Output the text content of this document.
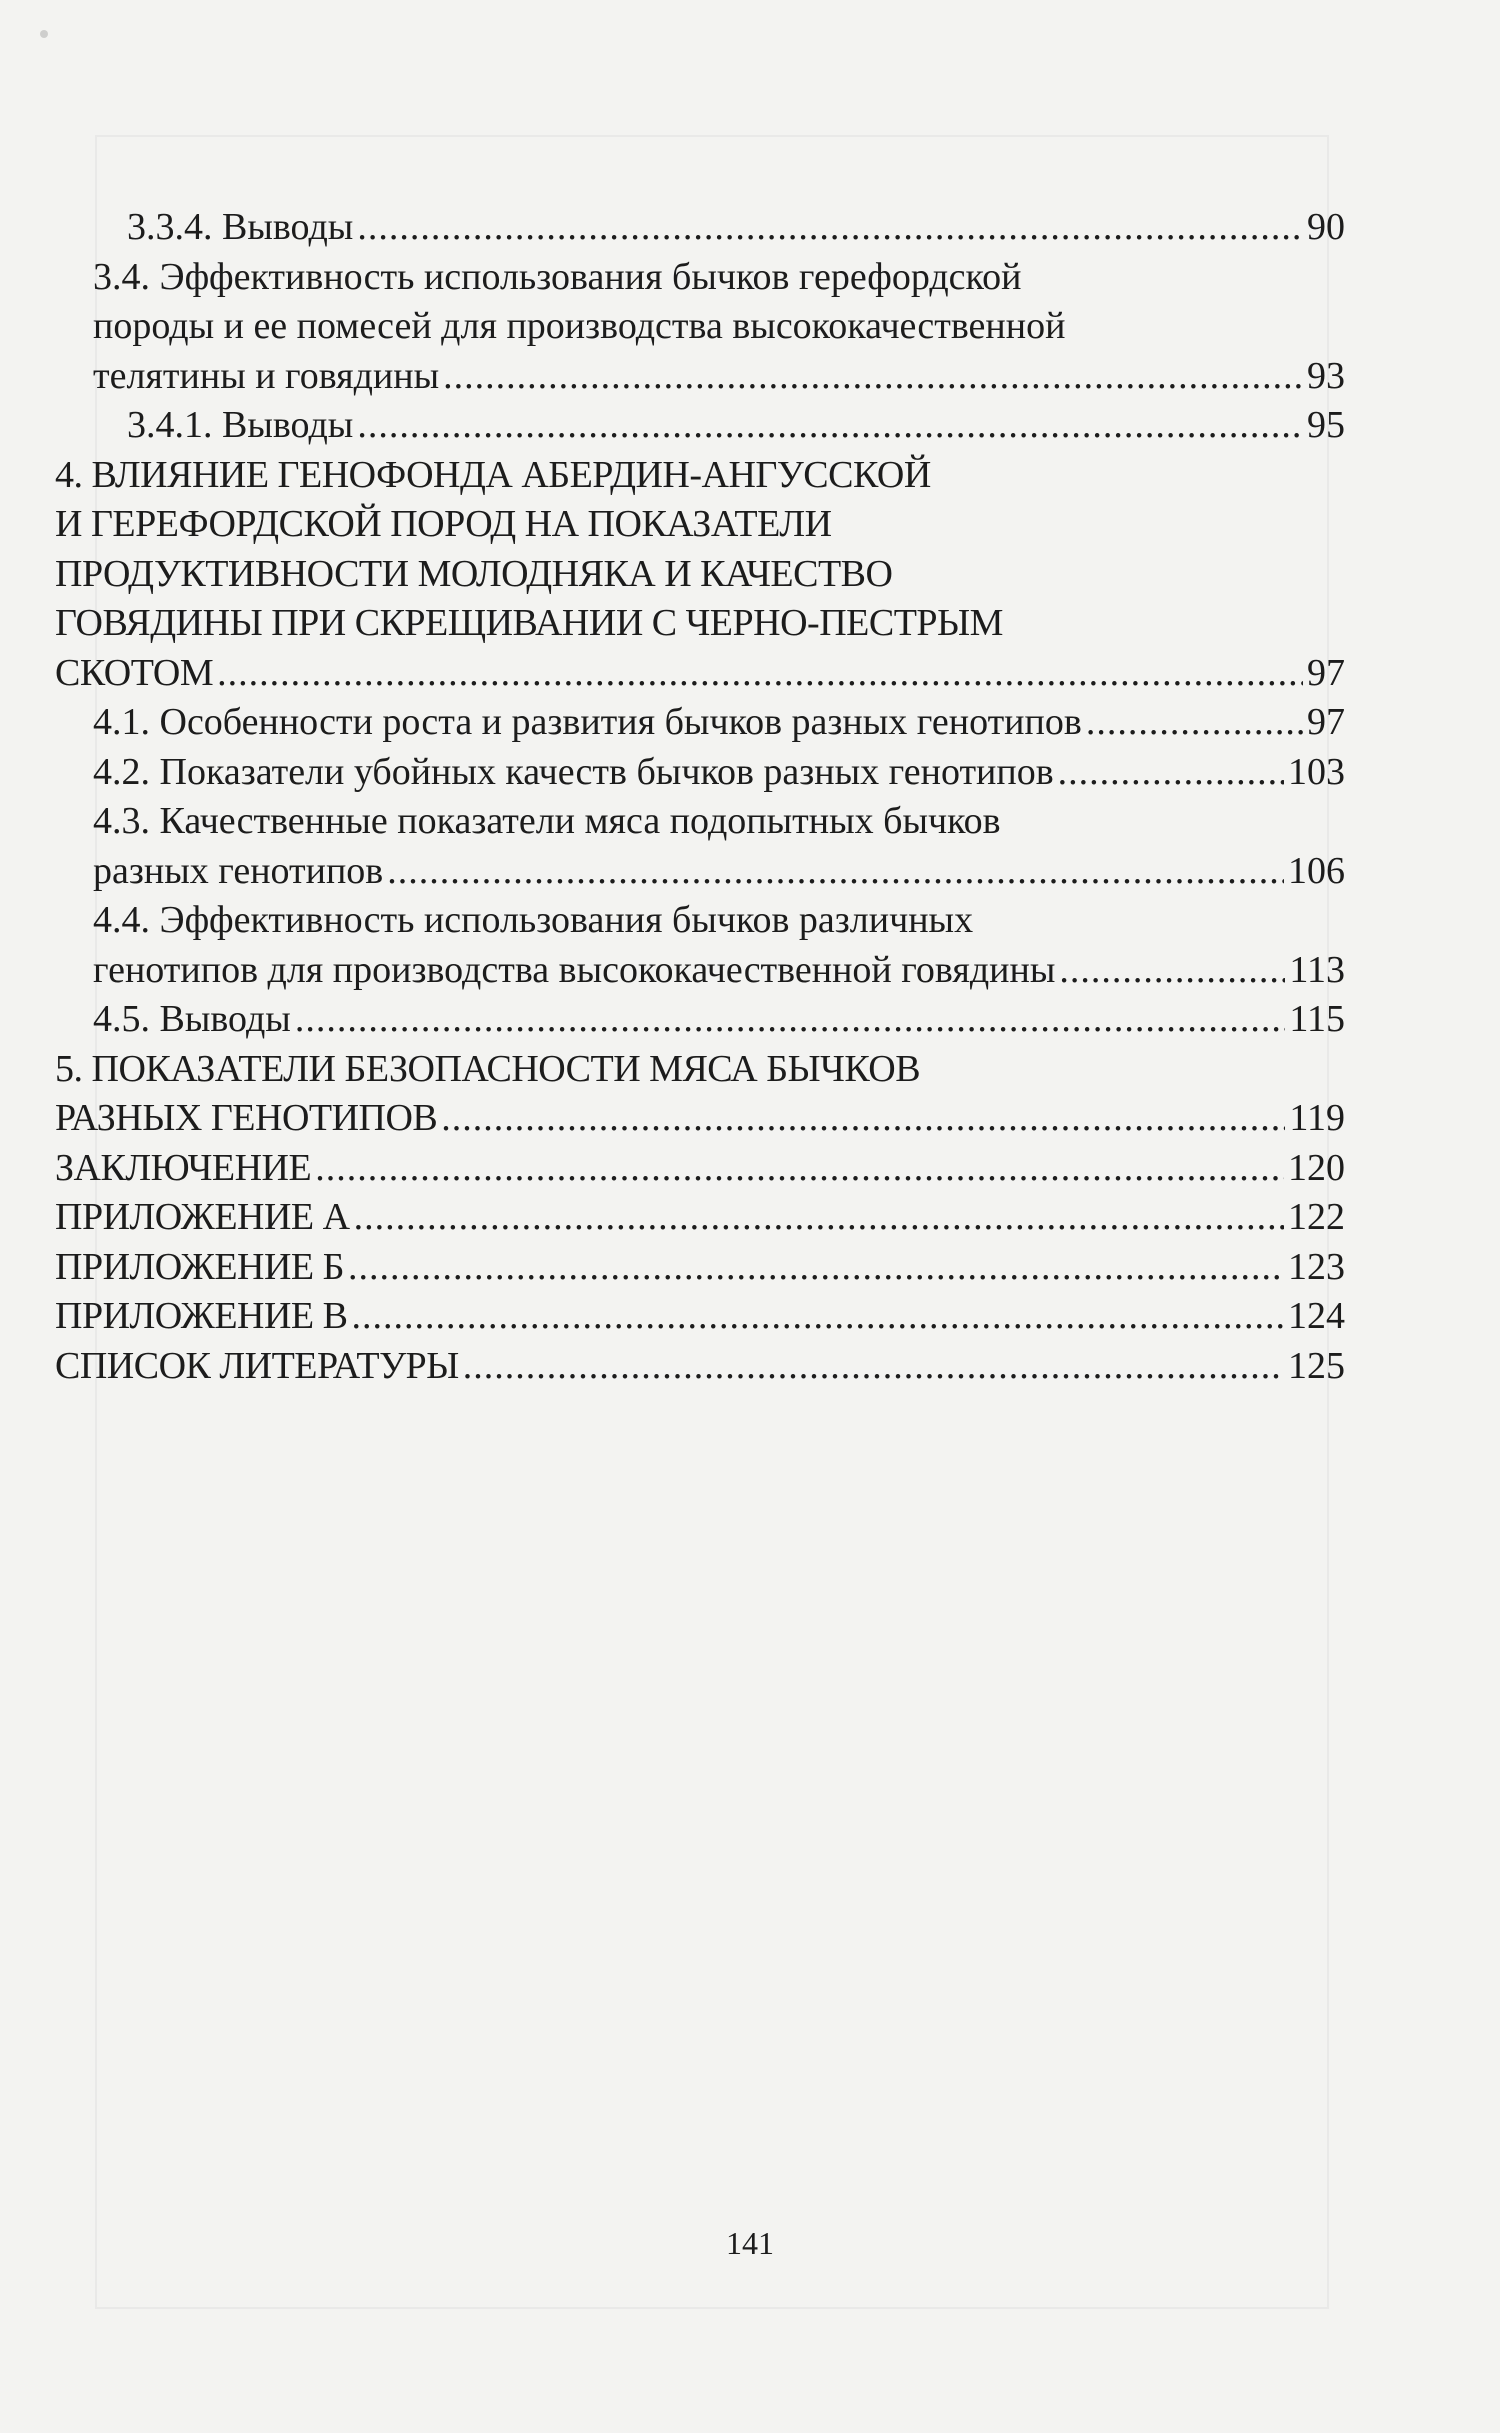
3.3.4. Выводы .....	90
3.4. Эффективность использования бычков герефордской
породы и ее помесей для производства высококачественной
телятины и говядины .....	93
3.4.1. Выводы .....	95
4. ВЛИЯНИЕ ГЕНОФОНДА АБЕРДИН-АНГУССКОЙ
И ГЕРЕФОРДСКОЙ ПОРОД НА ПОКАЗАТЕЛИ
ПРОДУКТИВНОСТИ МОЛОДНЯКА И КАЧЕСТВО
ГОВЯДИНЫ ПРИ СКРЕЩИВАНИИ С ЧЕРНО-ПЕСТРЫМ
СКОТОМ .....	97
4.1. Особенности роста и развития бычков разных генотипов .....	97
4.2. Показатели убойных качеств бычков разных генотипов .....	103
4.3. Качественные показатели мяса подопытных бычков
разных генотипов .....	106
4.4. Эффективность использования бычков различных
генотипов для производства высококачественной говядины .....	113
4.5. Выводы .....	115
5. ПОКАЗАТЕЛИ БЕЗОПАСНОСТИ МЯСА БЫЧКОВ
РАЗНЫХ ГЕНОТИПОВ .....	119
ЗАКЛЮЧЕНИЕ .....	120
ПРИЛОЖЕНИЕ А .....	122
ПРИЛОЖЕНИЕ Б .....	123
ПРИЛОЖЕНИЕ В .....	124
СПИСОК ЛИТЕРАТУРЫ .....	125
141
